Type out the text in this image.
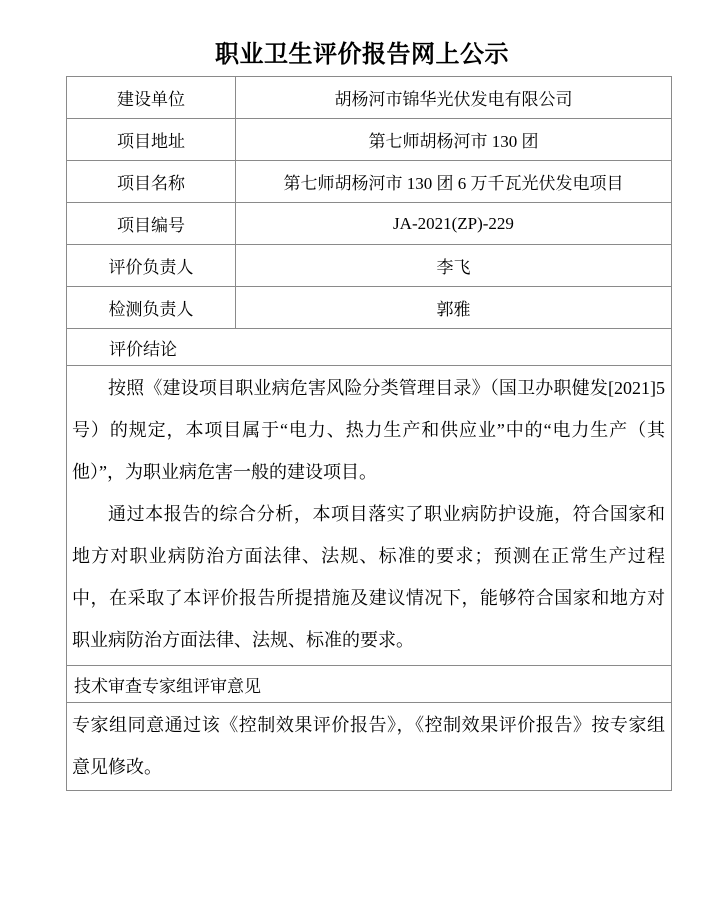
职业卫生评价报告网上公示
建设单位	胡杨河市锦华光伏发电有限公司
项目地址	第七师胡杨河市 130 团
项目名称	第七师胡杨河市 130 团 6 万千瓦光伏发电项目
项目编号	JA-2021(ZP)-229
评价负责人	李飞
检测负责人	郭雅
评价结论	

按照《建设项目职业病危害风险分类管理目录》（国卫办职健发[2021]5 号）的规定，本项目属于“电力、热力生产和供应业”中的“电力生产（其他）”，为职业病危害一般的建设项目。

通过本报告的综合分析，本项目落实了职业病防护设施，符合国家和地方对职业病防治方面法律、法规、标准的要求；预测在正常生产过程中，在采取了本评价报告所提措施及建议情况下，能够符合国家和地方对职业病防治方面法律、法规、标准的要求。	

技术审查专家组评审意见	

专家组同意通过该《控制效果评价报告》，《控制效果评价报告》按专家组意见修改。	
